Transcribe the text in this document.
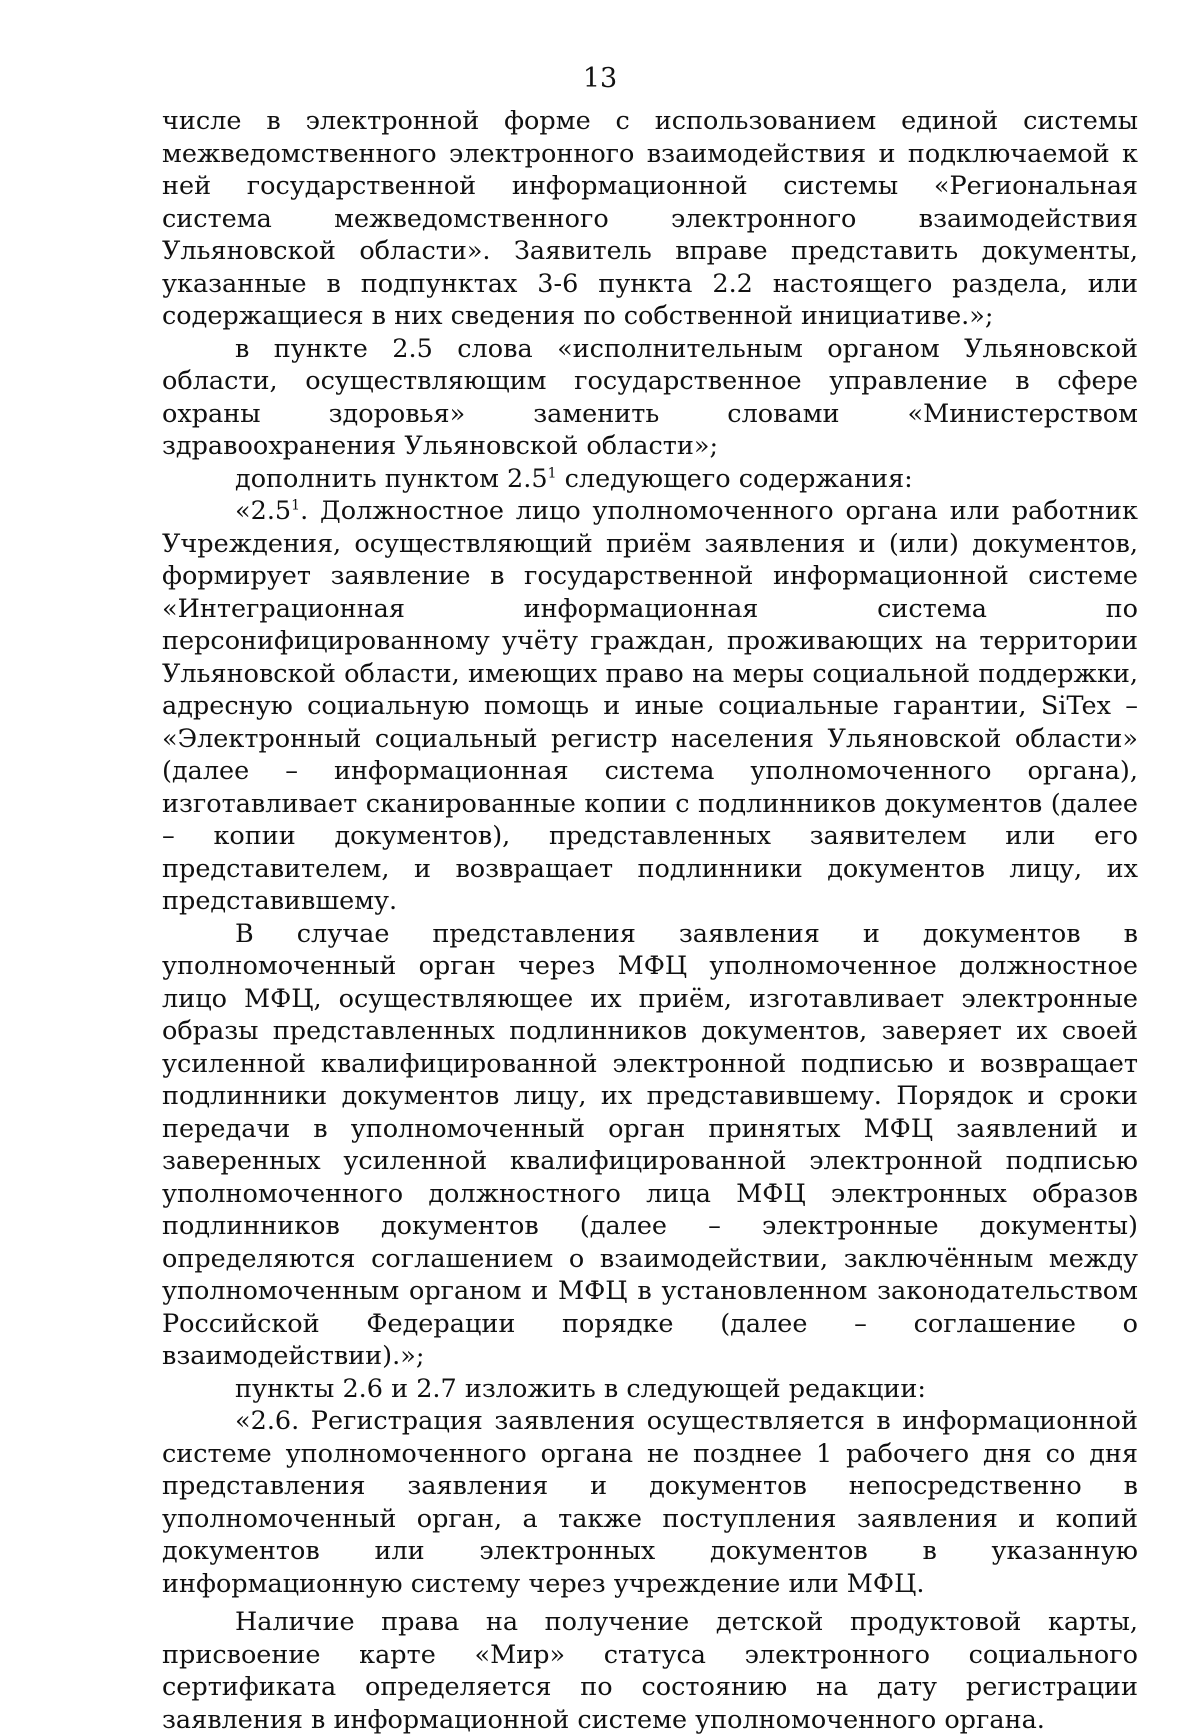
13

числе в электронной форме с использованием единой системы межведомственного электронного взаимодействия и подключаемой к ней государственной информационной системы «Региональная система межведомственного электронного взаимодействия Ульяновской области». Заявитель вправе представить документы, указанные в подпунктах 3-6 пункта 2.2 настоящего раздела, или содержащиеся в них сведения по собственной инициативе.»;

в пункте 2.5 слова «исполнительным органом Ульяновской области, осуществляющим государственное управление в сфере охраны здоровья» заменить словами «Министерством здравоохранения Ульяновской области»;

дополнить пунктом $2.5^1$ следующего содержания:

«$2.5^1$. Должностное лицо уполномоченного органа или работник Учреждения, осуществляющий приём заявления и (или) документов, формирует заявление в государственной информационной системе «Интеграционная информационная система по персонифицированному учёту граждан, проживающих на территории Ульяновской области, имеющих право на меры социальной поддержки, адресную социальную помощь и иные социальные гарантии, SiTex – «Электронный социальный регистр населения Ульяновской области» (далее – информационная система уполномоченного органа), изготавливает сканированные копии с подлинников документов (далее – копии документов), представленных заявителем или его представителем, и возвращает подлинники документов лицу, их представившему.

В случае представления заявления и документов в уполномоченный орган через МФЦ уполномоченное должностное лицо МФЦ, осуществляющее их приём, изготавливает электронные образы представленных подлинников документов, заверяет их своей усиленной квалифицированной электронной подписью и возвращает подлинники документов лицу, их представившему. Порядок и сроки передачи в уполномоченный орган принятых МФЦ заявлений и заверенных усиленной квалифицированной электронной подписью уполномоченного должностного лица МФЦ электронных образов подлинников документов (далее – электронные документы) определяются соглашением о взаимодействии, заключённым между уполномоченным органом и МФЦ в установленном законодательством Российской Федерации порядке (далее – соглашение о взаимодействии).»;

пункты 2.6 и 2.7 изложить в следующей редакции:

«2.6. Регистрация заявления осуществляется в информационной системе уполномоченного органа не позднее 1 рабочего дня со дня представления заявления и документов непосредственно в уполномоченный орган, а также поступления заявления и копий документов или электронных документов в указанную информационную систему через учреждение или МФЦ.

Наличие права на получение детской продуктовой карты, присвоение карте «Мир» статуса электронного социального сертификата определяется по состоянию на дату регистрации заявления в информационной системе уполномоченного органа.
